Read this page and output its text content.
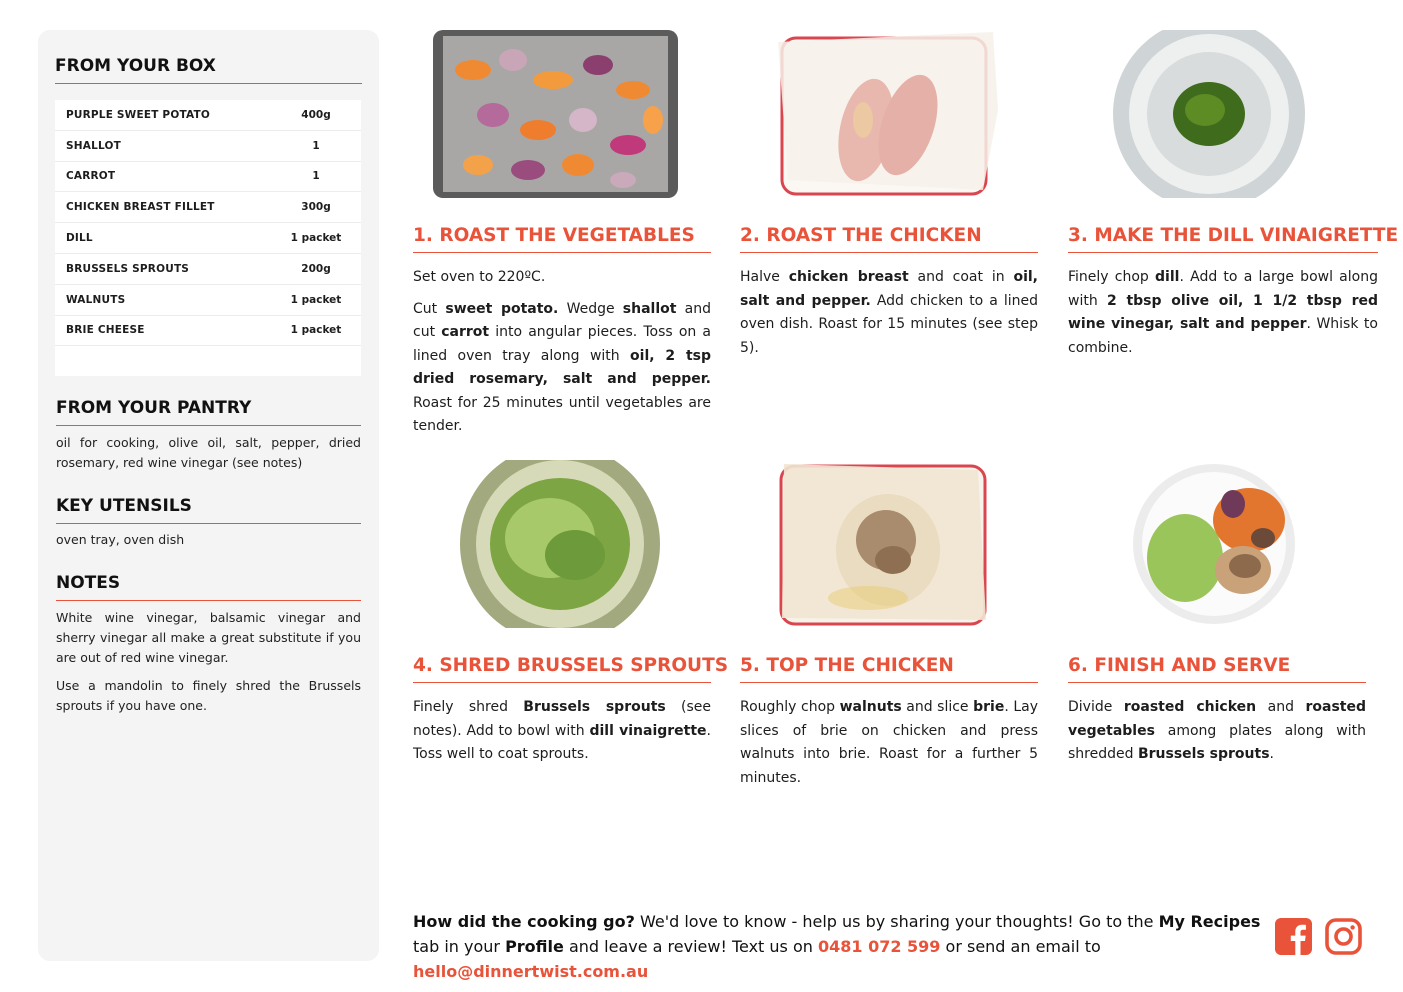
FROM YOUR BOX
PURPLE SWEET POTATO	400g
SHALLOT	1
CARROT	1
CHICKEN BREAST FILLET	300g
DILL	1 packet
BRUSSELS SPROUTS	200g
WALNUTS	1 packet
BRIE CHEESE	1 packet
FROM YOUR PANTRY
oil for cooking, olive oil, salt, pepper, dried rosemary, red wine vinegar (see notes)
KEY UTENSILS
oven tray, oven dish
NOTES
White wine vinegar, balsamic vinegar and sherry vinegar all make a great substitute if you are out of red wine vinegar.
Use a mandolin to finely shred the Brussels sprouts if you have one.
1. ROAST THE VEGETABLES	2. ROAST THE CHICKEN	3. MAKE THE DILL VINAIGRETTE
4. SHRED BRUSSELS SPROUTS 5. TOP THE CHICKEN	6. FINISH AND SERVE

Set oven to 220ºC.

Cut sweet potato. Wedge shallot and cut carrot into angular pieces. Toss on a lined oven tray along with oil, 2 tsp dried rosemary, salt and pepper. Roast for 25 minutes until vegetables are tender.

Halve chicken breast and coat in oil, salt and pepper. Add chicken to a lined oven dish. Roast for 15 minutes (see step 5).

Finely chop dill. Add to a large bowl along with 2 tbsp olive oil, 1 1/2 tbsp red wine vinegar, salt and pepper. Whisk to combine.

Finely shred Brussels sprouts (see notes). Add to bowl with dill vinaigrette. Toss well to coat sprouts.

Roughly chop walnuts and slice brie. Lay slices of brie on chicken and press walnuts into brie. Roast for a further 5 minutes.

Divide roasted chicken and roasted vegetables among plates along with shredded Brussels sprouts.

How did the cooking go? We'd love to know - help us by sharing your thoughts! Go to the My Recipes tab in your Profile and leave a review! Text us on 0481 072 599 or send an email to hello@dinnertwist.com.au
